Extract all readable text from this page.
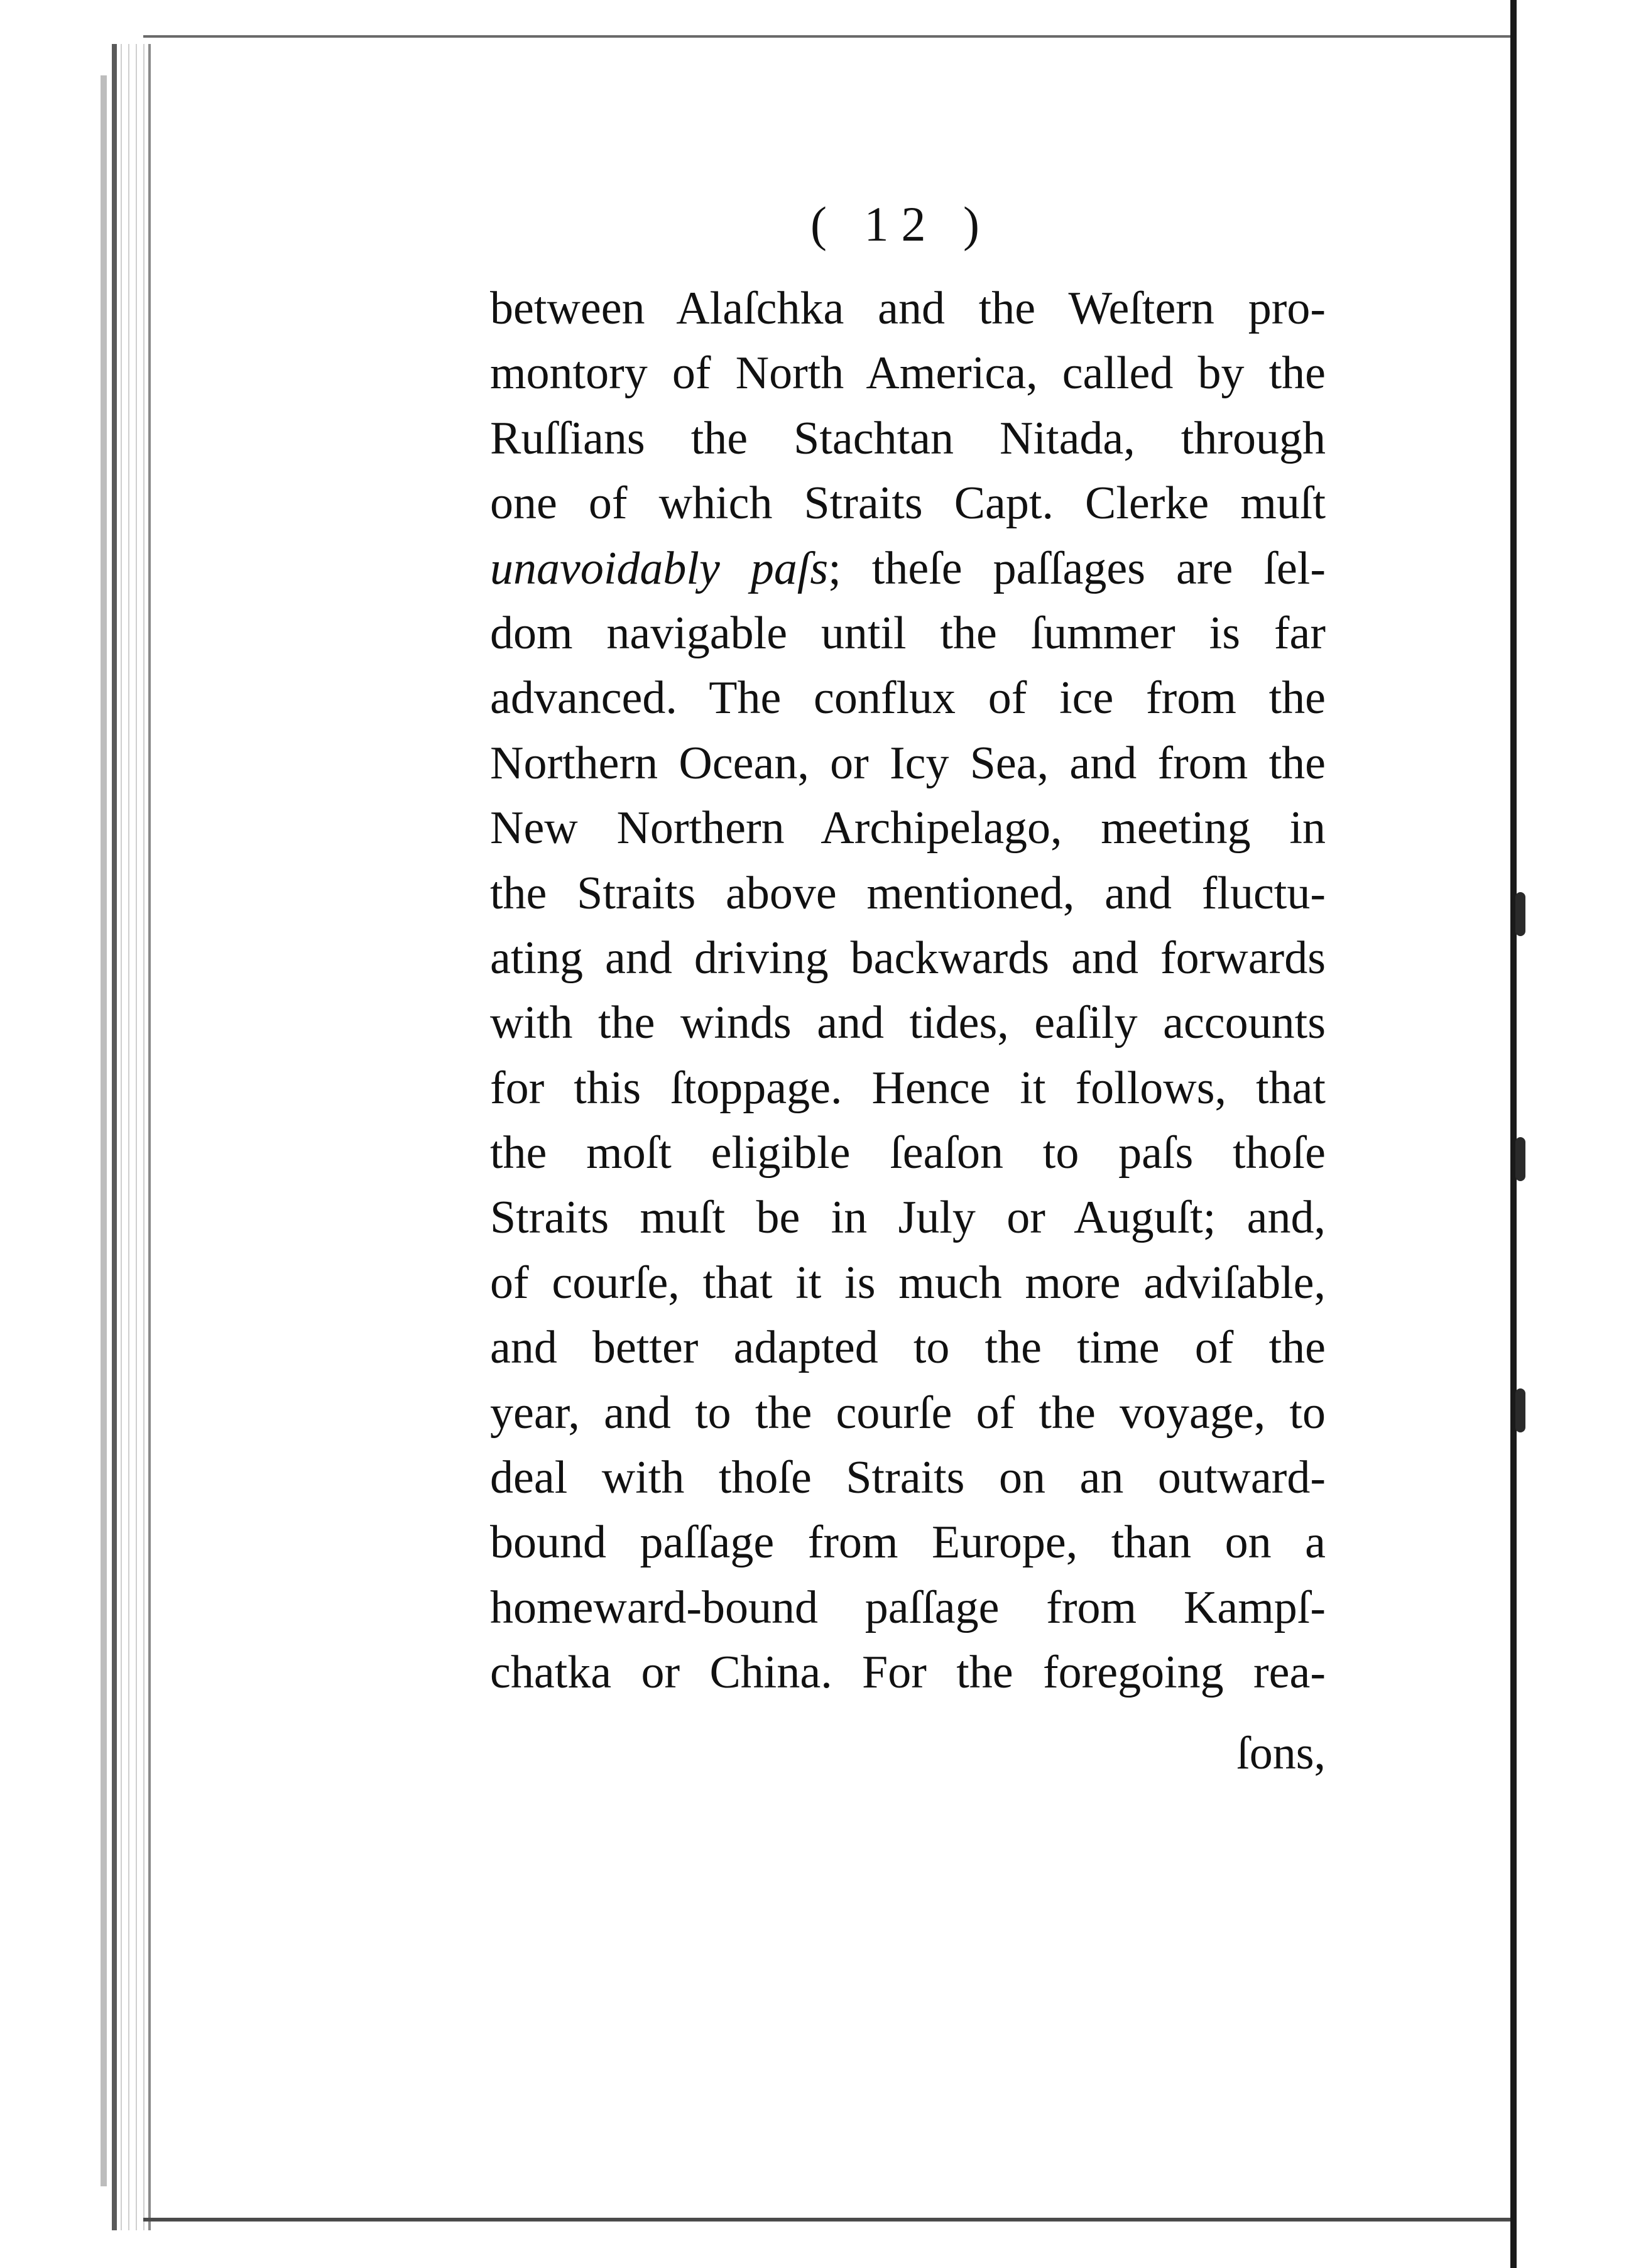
( 12 )
between Alaſchka and the Weſtern pro-
montory of North America, called by the
Ruſſians the Stachtan Nitada, through
one of which Straits Capt. Clerke muſt
unavoidably paſs; theſe paſſages are ſel-
dom navigable until the ſummer is far
advanced. The conflux of ice from the
Northern Ocean, or Icy Sea, and from the
New Northern Archipelago, meeting in
the Straits above mentioned, and fluctu-
ating and driving backwards and forwards
with the winds and tides, eaſily accounts
for this ſtoppage. Hence it follows, that
the moſt eligible ſeaſon to paſs thoſe
Straits muſt be in July or Auguſt; and,
of courſe, that it is much more adviſable,
and better adapted to the time of the
year, and to the courſe of the voyage, to
deal with thoſe Straits on an outward-
bound paſſage from Europe, than on a
homeward-bound paſſage from Kampſ-
chatka or China. For the foregoing rea-
ſons,
